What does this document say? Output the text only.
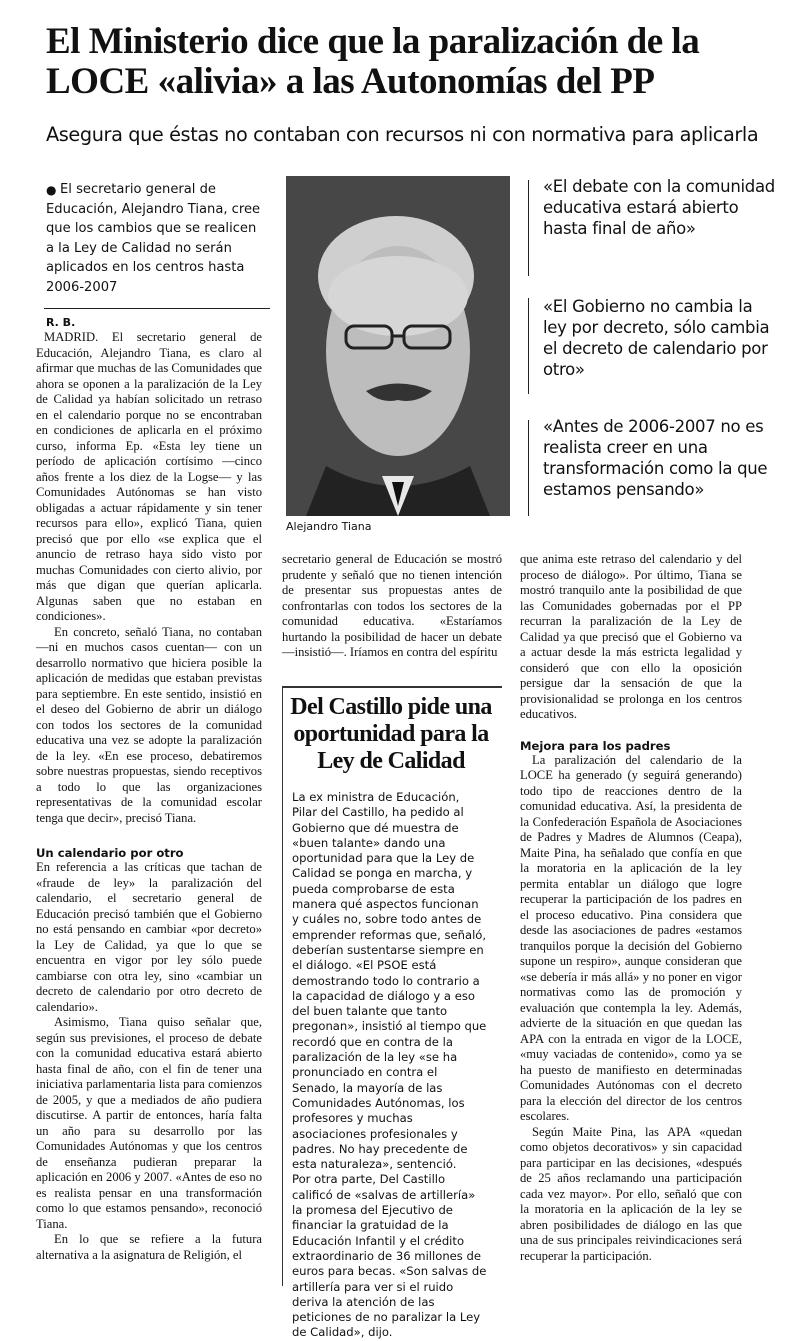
El Ministerio dice que la paralización de la LOCE «alivia» a las Autonomías del PP

Asegura que éstas no contaban con recursos ni con normativa para aplicarla

● El secretario general de Educación, Alejandro Tiana, cree que los cambios que se realicen a la Ley de Calidad no serán aplicados en los centros hasta 2006-2007

R. B.

MADRID. El secretario general de Educación, Alejandro Tiana, es claro al afirmar que muchas de las Comunidades que ahora se oponen a la paralización de la Ley de Calidad ya habían solicitado un retraso en el calendario porque no se encontraban en condiciones de aplicarla en el próximo curso, informa Ep. «Esta ley tiene un período de aplicación cortísimo —cinco años frente a los diez de la Logse— y las Comunidades Autónomas se han visto obligadas a actuar rápidamente y sin tener recursos para ello», explicó Tiana, quien precisó que por ello «se explica que el anuncio de retraso haya sido visto por muchas Comunidades con cierto alivio, por más que digan que querían aplicarla. Algunas saben que no estaban en condiciones».

En concreto, señaló Tiana, no contaban —ni en muchos casos cuentan— con un desarrollo normativo que hiciera posible la aplicación de medidas que estaban previstas para septiembre. En este sentido, insistió en el deseo del Gobierno de abrir un diálogo con todos los sectores de la comunidad educativa una vez se adopte la paralización de la ley. «En ese proceso, debatiremos sobre nuestras propuestas, siendo receptivos a todo lo que las organizaciones representativas de la comunidad escolar tenga que decir», precisó Tiana.

Un calendario por otro

En referencia a las críticas que tachan de «fraude de ley» la paralización del calendario, el secretario general de Educación precisó también que el Gobierno no está pensando en cambiar «por decreto» la Ley de Calidad, ya que lo que se encuentra en vigor por ley sólo puede cambiarse con otra ley, sino «cambiar un decreto de calendario por otro decreto de calendario».

Asimismo, Tiana quiso señalar que, según sus previsiones, el proceso de debate con la comunidad educativa estará abierto hasta final de año, con el fin de tener una iniciativa parlamentaria lista para comienzos de 2005, y que a mediados de año pudiera discutirse. A partir de entonces, haría falta un año para su desarrollo por las Comunidades Autónomas y que los centros de enseñanza pudieran preparar la aplicación en 2006 y 2007. «Antes de eso no es realista pensar en una transformación como lo que estamos pensando», reconoció Tiana.

En lo que se refiere a la futura alternativa a la asignatura de Religión, el

Alejandro Tiana

«El debate con la comunidad educativa estará abierto hasta final de año»

«El Gobierno no cambia la ley por decreto, sólo cambia el decreto de calendario por otro»

«Antes de 2006-2007 no es realista creer en una transformación como la que estamos pensando»

secretario general de Educación se mostró prudente y señaló que no tienen intención de presentar sus propuestas antes de confrontarlas con todos los sectores de la comunidad educativa. «Estaríamos hurtando la posibilidad de hacer un debate —insistió—. Iríamos en contra del espíritu

Del Castillo pide una oportunidad para la Ley de Calidad

La ex ministra de Educación, Pilar del Castillo, ha pedido al Gobierno que dé muestra de «buen talante» dando una oportunidad para que la Ley de Calidad se ponga en marcha, y pueda comprobarse de esta manera qué aspectos funcionan y cuáles no, sobre todo antes de emprender reformas que, señaló, deberían sustentarse siempre en el diálogo. «El PSOE está demostrando todo lo contrario a la capacidad de diálogo y a eso del buen talante que tanto pregonan», insistió al tiempo que recordó que en contra de la paralización de la ley «se ha pronunciado en contra el Senado, la mayoría de las Comunidades Autónomas, los profesores y muchas asociaciones profesionales y padres. No hay precedente de esta naturaleza», sentenció.

Por otra parte, Del Castillo calificó de «salvas de artillería» la promesa del Ejecutivo de financiar la gratuidad de la Educación Infantil y el crédito extraordinario de 36 millones de euros para becas. «Son salvas de artillería para ver si el ruido deriva la atención de las peticiones de no paralizar la Ley de Calidad», dijo.

que anima este retraso del calendario y del proceso de diálogo». Por último, Tiana se mostró tranquilo ante la posibilidad de que las Comunidades gobernadas por el PP recurran la paralización de la Ley de Calidad ya que precisó que el Gobierno va a actuar desde la más estricta legalidad y consideró que con ello la oposición persigue dar la sensación de que la provisionalidad se prolonga en los centros educativos.

Mejora para los padres

La paralización del calendario de la LOCE ha generado (y seguirá generando) todo tipo de reacciones dentro de la comunidad educativa. Así, la presidenta de la Confederación Española de Asociaciones de Padres y Madres de Alumnos (Ceapa), Maite Pina, ha señalado que confía en que la moratoria en la aplicación de la ley permita entablar un diálogo que logre recuperar la participación de los padres en el proceso educativo. Pina considera que desde las asociaciones de padres «estamos tranquilos porque la decisión del Gobierno supone un respiro», aunque consideran que «se debería ir más allá» y no poner en vigor normativas como las de promoción y evaluación que contempla la ley. Además, advierte de la situación en que quedan las APA con la entrada en vigor de la LOCE, «muy vaciadas de contenido», como ya se ha puesto de manifiesto en determinadas Comunidades Autónomas con el decreto para la elección del director de los centros escolares.

Según Maite Pina, las APA «quedan como objetos decorativos» y sin capacidad para participar en las decisiones, «después de 25 años reclamando una participación cada vez mayor». Por ello, señaló que con la moratoria en la aplicación de la ley se abren posibilidades de diálogo en las que una de sus principales reivindicaciones será recuperar la participación.
